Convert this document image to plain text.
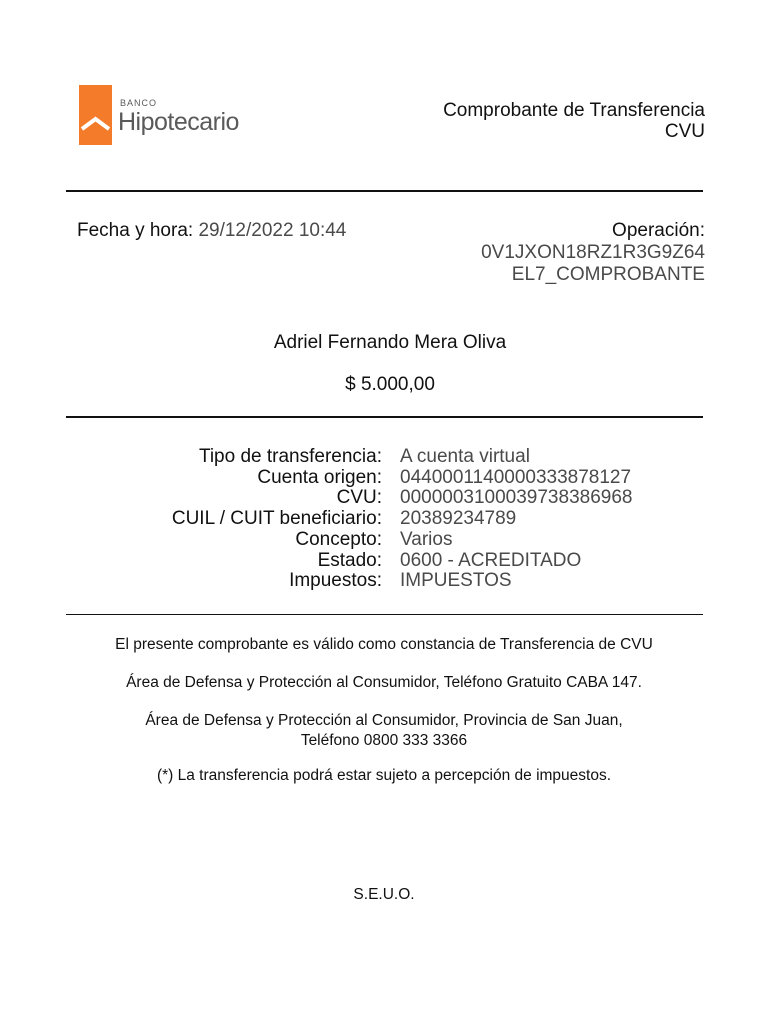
BANCO
Hipotecario	Comprobante de Transferencia
CVU
Fecha y hora: 29/12/2022 10:44	Operación:
0V1JXON18RZ1R3G9Z64
EL7_COMPROBANTE
Adriel Fernando Mera Oliva
$ 5.000,00
Tipo de transferencia: A cuenta virtual
Cuenta origen: 0440001140000333878127
CVU: 0000003100039738386968
CUIL / CUIT beneficiario: 20389234789
Concepto: Varios
Estado: 0600 - ACREDITADO
Impuestos: IMPUESTOS
El presente comprobante es válido como constancia de Transferencia de CVU
Área de Defensa y Protección al Consumidor, Teléfono Gratuito CABA 147.
Área de Defensa y Protección al Consumidor, Provincia de San Juan,
Teléfono 0800 333 3366
(*) La transferencia podrá estar sujeto a percepción de impuestos.
S.E.U.O.
